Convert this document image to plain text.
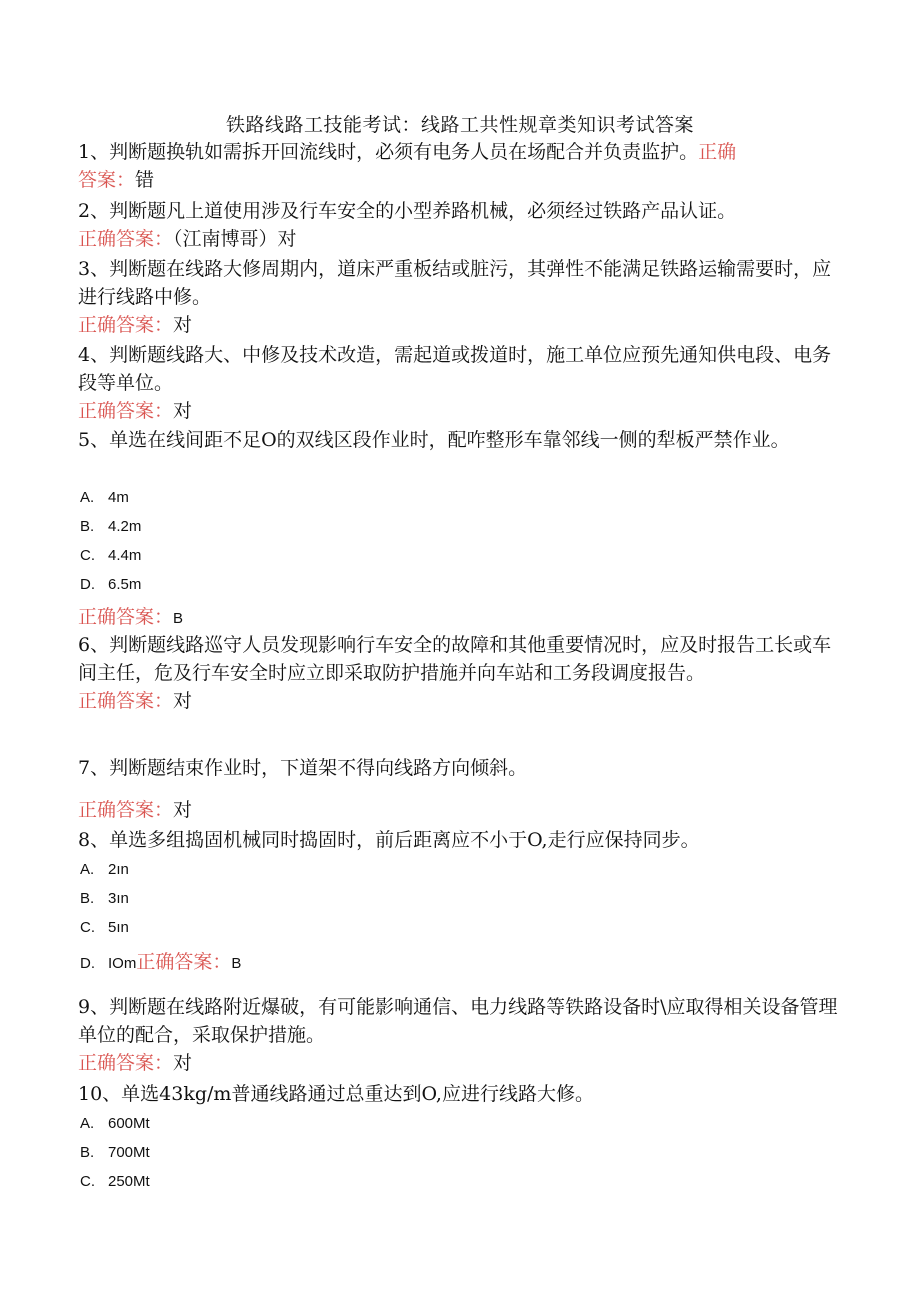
铁路线路工技能考试：线路工共性规章类知识考试答案
1、判断题换轨如需拆开回流线时，必须有电务人员在场配合并负责监护。正确
答案：错
2、判断题凡上道使用涉及行车安全的小型养路机械，必须经过铁路产品认证。
正确答案：（江南博哥）对
3、判断题在线路大修周期内，道床严重板结或脏污，其弹性不能满足铁路运输需要时，应进行线路中修。
正确答案：对
4、判断题线路大、中修及技术改造，需起道或拨道时，施工单位应预先通知供电段、电务段等单位。
正确答案：对
5、单选在线间距不足O的双线区段作业时，配咋整形车靠邻线一侧的犁板严禁作业。
A. 4m
B. 4.2m
C. 4.4m
D. 6.5m
正确答案：B
6、判断题线路巡守人员发现影响行车安全的故障和其他重要情况时，应及时报告工长或车间主任，危及行车安全时应立即采取防护措施并向车站和工务段调度报告。
正确答案：对
7、判断题结束作业时，下道架不得向线路方向倾斜。
正确答案：对
8、单选多组捣固机械同时捣固时，前后距离应不小于O,走行应保持同步。
A. 2ın
B. 3ın
C. 5ın
D. IOm正确答案：B
9、判断题在线路附近爆破，有可能影响通信、电力线路等铁路设备时\应取得相关设备管理单位的配合，采取保护措施。
正确答案：对
10、单选43kg∕m普通线路通过总重达到O,应进行线路大修。
A. 600Mt
B. 700Mt
C. 250Mt
